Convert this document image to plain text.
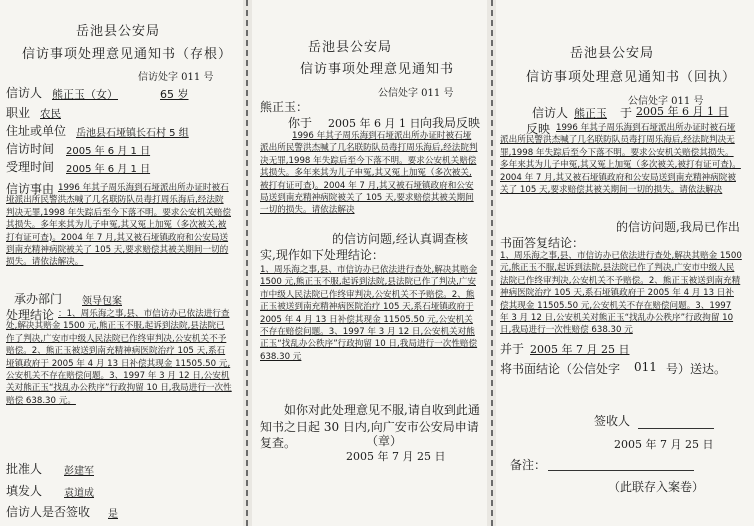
岳池县公安局
信访事项处理意见通知书（存根）
信访处字 011 号
信访人 熊正玉（女）	65 岁
职业 农民
住址或单位 岳池县石垭镇长石村 5 组
信访时间 2005 年 6 月 1 日
受理时间 2005 年 6 月 1 日
信访事由 1996 年其子周乐海到石垭派出所办证时被石垭派出所民警洪杰喊了几名联防队员毒打周乐海后,经法院判决无罪,1998 年失踪后至今下落不明。要求公安机关赔偿其损失。多年来其为儿子申冤,其又冤上加冤（多次被关,被打有证可查)。2004 年 7 月,其又被石垭镇政府和公安局送到南充精神病院被关了 105 天,要求赔偿其被关期间一切的损失。请依法解决。
承办部门 领导包案
处理结论 ：1、周乐海之事,县、市信访办已依法进行查处,解决其赔金 1500 元,熊正玉不服,起诉到法院,县法院已作了判决,广安市中级人民法院已作终审判决,公安机关不予赔偿。2、熊正玉被送到南充精神病医院治疗 105 天,系石垭镇政府于 2005 年 4 月 13 日补偿其现金 11505.50 元,公安机关不存在赔偿问题。3、1997 年 3 月 12 日,公安机关对熊正玉“找乱办公秩序”行政拘留 10 日,我局进行一次性赔偿 638.30 元。
批准人 彭建军
填发人 袁道成
信访人是否签收 是
岳池县公安局
信访事项处理意见通知书
公信处字 011 号
熊正玉：
你于 2005 年 6 月 1 日 向我局反映
1996 年其子周乐海到石垭派出所办证时被石垭派出所民警洪杰喊了几名联防队员毒打周乐海后,经法院判决无罪,1998 年失踪后至今下落不明。要求公安机关赔偿其损失。多年来其为儿子申冤,其又冤上加冤（多次被关,被打有证可查)。2004 年 7 月,其又被石垭镇政府和公安局送到南充精神病院被关了 105 天,要求赔偿其被关期间一切的损失。请依法解决
的信访问题,经认真调查核实,现作如下处理结论：
1、周乐海之事,县、市信访办已依法进行查处,解决其赔金 1500 元,熊正玉不服,起诉到法院,县法院已作了判决,广安市中级人民法院已作终审判决,公安机关不予赔偿。2、熊正玉被送到南充精神病医院治疗 105 天,系石垭镇政府于 2005 年 4 月 13 日补偿其现金 11505.50 元,公安机关不存在赔偿问题。3、1997 年 3 月 12 日,公安机关对熊正玉“找乱办公秩序”行政拘留 10 日,我局进行一次性赔偿 638.30 元
如你对此处理意见不服,请自收到此通知书之日起 30 日内,向广安市公安局申请复查。	（章）
2005 年 7 月 25 日
岳池县公安局
信访事项处理意见通知书（回执）
公信处字 011 号
信访人 熊正玉 于 2005 年 6 月 1 日
反映 1996 年其子周乐海到石垭派出所办证时被石垭派出所民警洪杰喊了几名联防队员毒打周乐海后,经法院判决无罪,1998 年失踪后至今下落不明。要求公安机关赔偿其损失。多年来其为儿子申冤,其又冤上加冤（多次被关,被打有证可查)。2004 年 7 月,其又被石垭镇政府和公安局送到南充精神病院被关了 105 天,要求赔偿其被关期间一切的损失。请依法解决
的信访问题,我局已作出书面答复结论：
1、周乐海之事,县、市信访办已依法进行查处,解决其赔金 1500 元,熊正玉不服,起诉到法院,县法院已作了判决,广安市中级人民法院已作终审判决,公安机关不予赔偿。2、熊正玉被送到南充精神病医院治疗 105 天,系石垭镇政府于 2005 年 4 月 13 日补偿其现金 11505.50 元,公安机关不存在赔偿问题。3、1997 年 3 月 12 日,公安机关对熊正玉“找乱办公秩序”行政拘留 10 日,我局进行一次性赔偿 638.30 元
并于 2005 年 7 月 25 日
将书面结论（公信处字 011 号）送达。
签收人
2005 年 7 月 25 日
备注：
（此联存入案卷）
